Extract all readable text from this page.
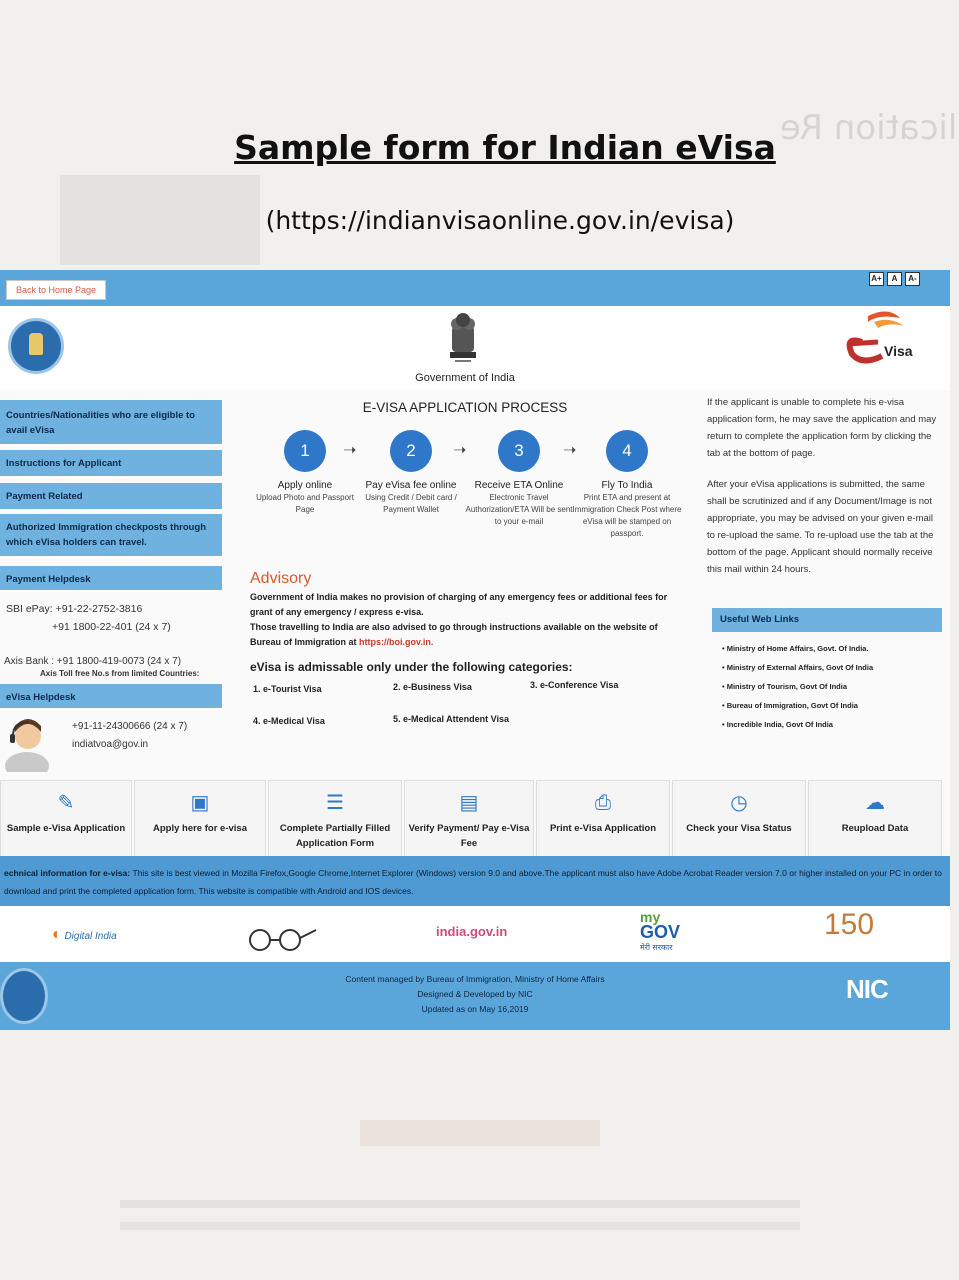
Sample form for Indian eVisa
(https://indianvisaonline.gov.in/evisa)
lication Re
Back to Home Page
A+	A	A-
Government of India
Visa
Countries/Nationalities who are eligible to avail eVisa
Instructions for Applicant
Payment Related
Authorized Immigration checkposts through which eVisa holders can travel.
Payment Helpdesk
SBI ePay: +91-22-2752-3816
+91 1800-22-401 (24 x 7)
Axis Bank : +91 1800-419-0073 (24 x 7)
Axis Toll free No.s from limited Countries:
eVisa Helpdesk
+91-11-24300666 (24 x 7)
indiatvoa@gov.in
E-VISA APPLICATION PROCESS
1
Apply online
Upload Photo and Passport Page
➝	2
Pay eVisa fee online
Using Credit / Debit card / Payment Wallet
➝	3
Receive ETA Online
Electronic Travel Authorization/ETA Will be sent to your e-mail
➝	4
Fly To India
Print ETA and present at Immigration Check Post where eVisa will be stamped on passport.
Advisory
Government of India makes no provision of charging of any emergency fees or additional fees for grant of any emergency / express e-visa.
Those travelling to India are also advised to go through instructions available on the website of Bureau of Immigration at https://boi.gov.in.
eVisa is admissable only under the following categories:
1. e-Tourist Visa	2. e-Business Visa	3. e-Conference Visa
4. e-Medical Visa	5. e-Medical Attendent Visa
If the applicant is unable to complete his e-visa application form, he may save the application and may return to complete the application form by clicking the tab at the bottom of page.
After your eVisa applications is submitted, the same shall be scrutinized and if any Document/Image is not appropriate, you may be advised on your given e-mail to re-upload the same. To re-upload use the tab at the bottom of the page. Applicant should normally receive this mail within 24 hours.
Useful Web Links
• Ministry of Home Affairs, Govt. Of India.
• Ministry of External Affairs, Govt Of India
• Ministry of Tourism, Govt Of India
• Bureau of Immigration, Govt Of India
• Incredible India, Govt Of India
✎
Sample e-Visa Application
▣
Apply here for e-visa
☰
Complete Partially Filled Application Form
▤
Verify Payment/ Pay e-Visa Fee
⎙
Print e-Visa Application
◷
Check your Visa Status
☁
Reupload Data
echnical information for e-visa: This site is best viewed in Mozilla Firefox,Google Chrome,Internet Explorer (Windows) version 9.0 and above.The applicant must also have Adobe Acrobat Reader version 7.0 or higher installed on your PC in order to download and print the completed application form. This website is compatible with Android and IOS devices.
◐ Digital India	india.gov.in
my
GOV
मेरी सरकार
150
Content managed by Bureau of Immigration, Ministry of Home Affairs
Designed & Developed by NIC
Updated as on May 16,2019
NIC
